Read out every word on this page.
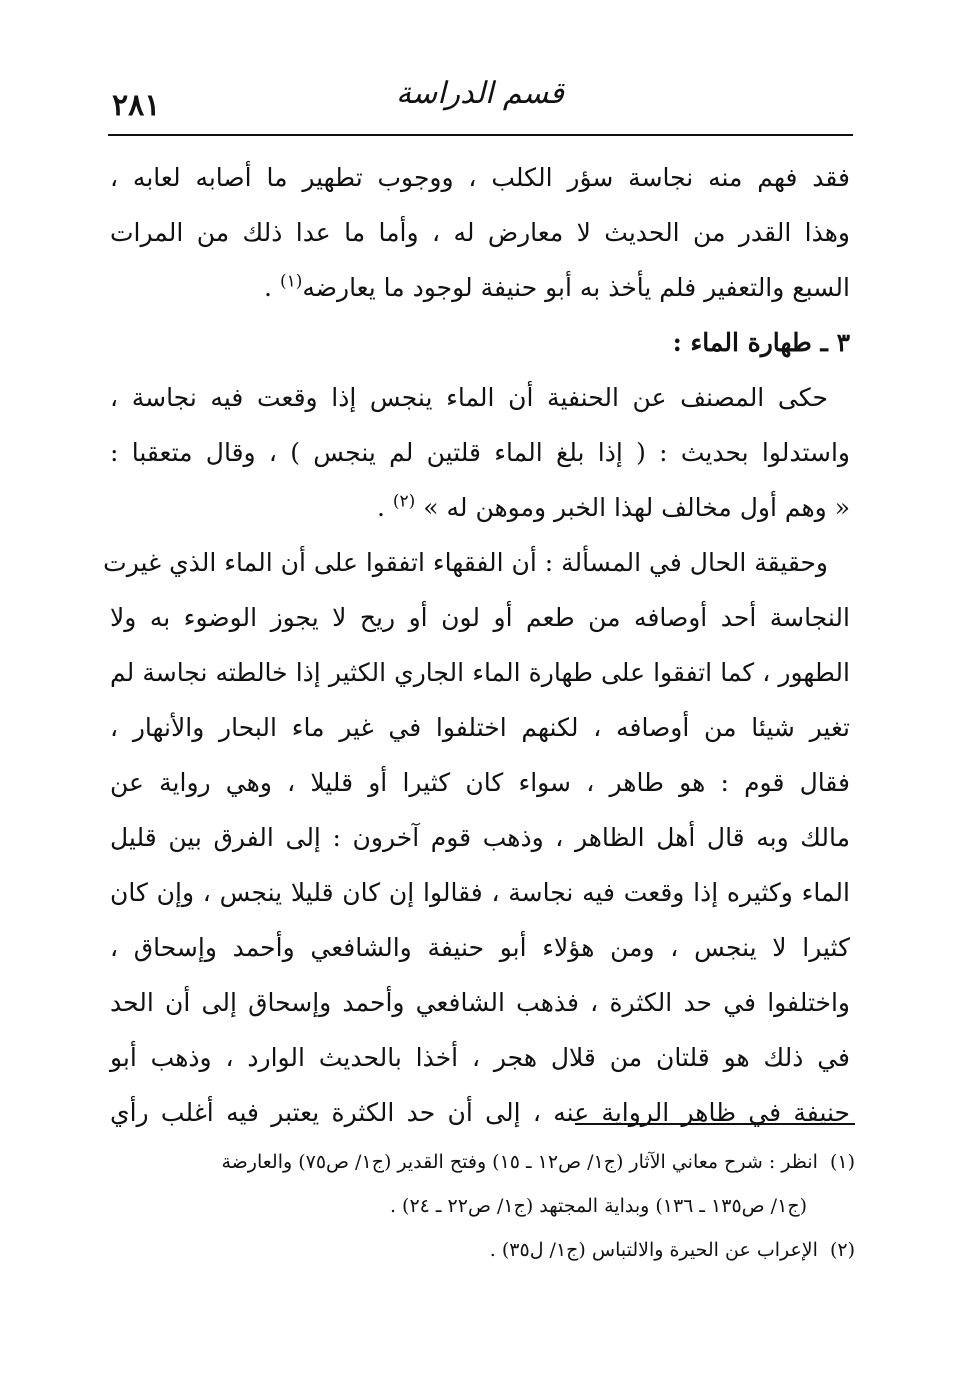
٢٨١	قسم الدراسة
فقد فهم منه نجاسة سؤر الكلب ، ووجوب تطهير ما أصابه لعابه ،
وهذا القدر من الحديث لا معارض له ، وأما ما عدا ذلك من المرات
السبع والتعفير فلم يأخذ به أبو حنيفة لوجود ما يعارضه$^{(١)}$ .
٣ ـ طهارة الماء :
حكى المصنف عن الحنفية أن الماء ينجس إذا وقعت فيه نجاسة ،
واستدلوا بحديث : ( إذا بلغ الماء قلتين لم ينجس ) ، وقال متعقبا :
« وهم أول مخالف لهذا الخبر وموهن له » $^{(٢)}$ .
وحقيقة الحال في المسألة : أن الفقهاء اتفقوا على أن الماء الذي غيرت
النجاسة أحد أوصافه من طعم أو لون أو ريح لا يجوز الوضوء به ولا
الطهور ، كما اتفقوا على طهارة الماء الجاري الكثير إذا خالطته نجاسة لم
تغير شيئا من أوصافه ، لكنهم اختلفوا في غير ماء البحار والأنهار ،
فقال قوم : هو طاهر ، سواء كان كثيرا أو قليلا ، وهي رواية عن
مالك وبه قال أهل الظاهر ، وذهب قوم آخرون : إلى الفرق بين قليل
الماء وكثيره إذا وقعت فيه نجاسة ، فقالوا إن كان قليلا ينجس ، وإن كان
كثيرا لا ينجس ، ومن هؤلاء أبو حنيفة والشافعي وأحمد وإسحاق ،
واختلفوا في حد الكثرة ، فذهب الشافعي وأحمد وإسحاق إلى أن الحد
في ذلك هو قلتان من قلال هجر ، أخذا بالحديث الوارد ، وذهب أبو
حنيفة في ظاهر الرواية عنه ، إلى أن حد الكثرة يعتبر فيه أغلب رأي
(١)انظر : شرح معاني الآثار (ج١/ ص١٢ ـ ١٥) وفتح القدير (ج١/ ص٧٥) والعارضة
(ج١/ ص١٣٥ ـ ١٣٦) وبداية المجتهد (ج١/ ص٢٢ ـ ٢٤) .
(٢)الإعراب عن الحيرة والالتباس (ج١/ ل٣٥) .
